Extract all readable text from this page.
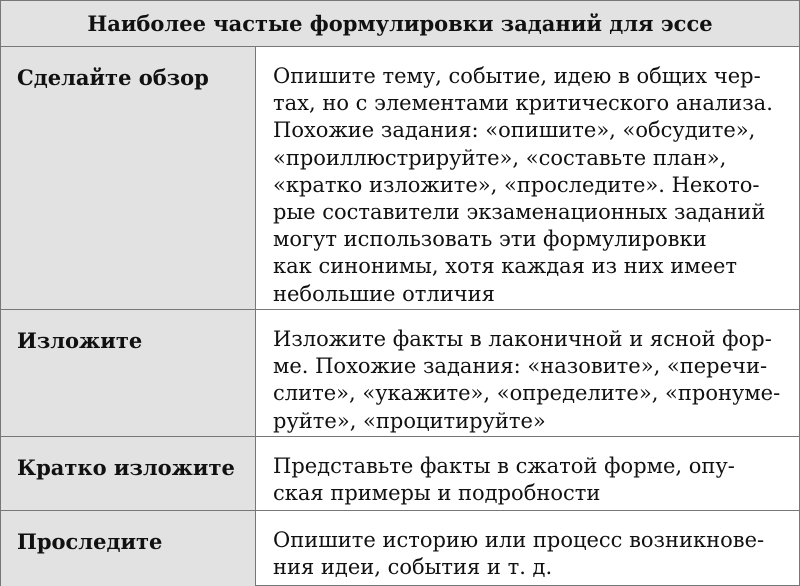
Наиболее частые формулировки заданий для эссе
Сделайте обзор	Опишите тему, событие, идею в общих чер-
тах, но с элементами критического анализа.
Похожие задания: «опишите», «обсудите»,
«проиллюстрируйте», «составьте план»,
«кратко изложите», «проследите». Некото-
рые составители экзаменационных заданий
могут использовать эти формулировки
как синонимы, хотя каждая из них имеет
небольшие отличия
Изложите	Изложите факты в лаконичной и ясной фор-
ме. Похожие задания: «назовите», «перечи-
слите», «укажите», «определите», «пронуме-
руйте», «процитируйте»
Кратко изложите	Представьте факты в сжатой форме, опу-
ская примеры и подробности
Проследите	Опишите историю или процесс возникнове-
ния идеи, события и т. д.
